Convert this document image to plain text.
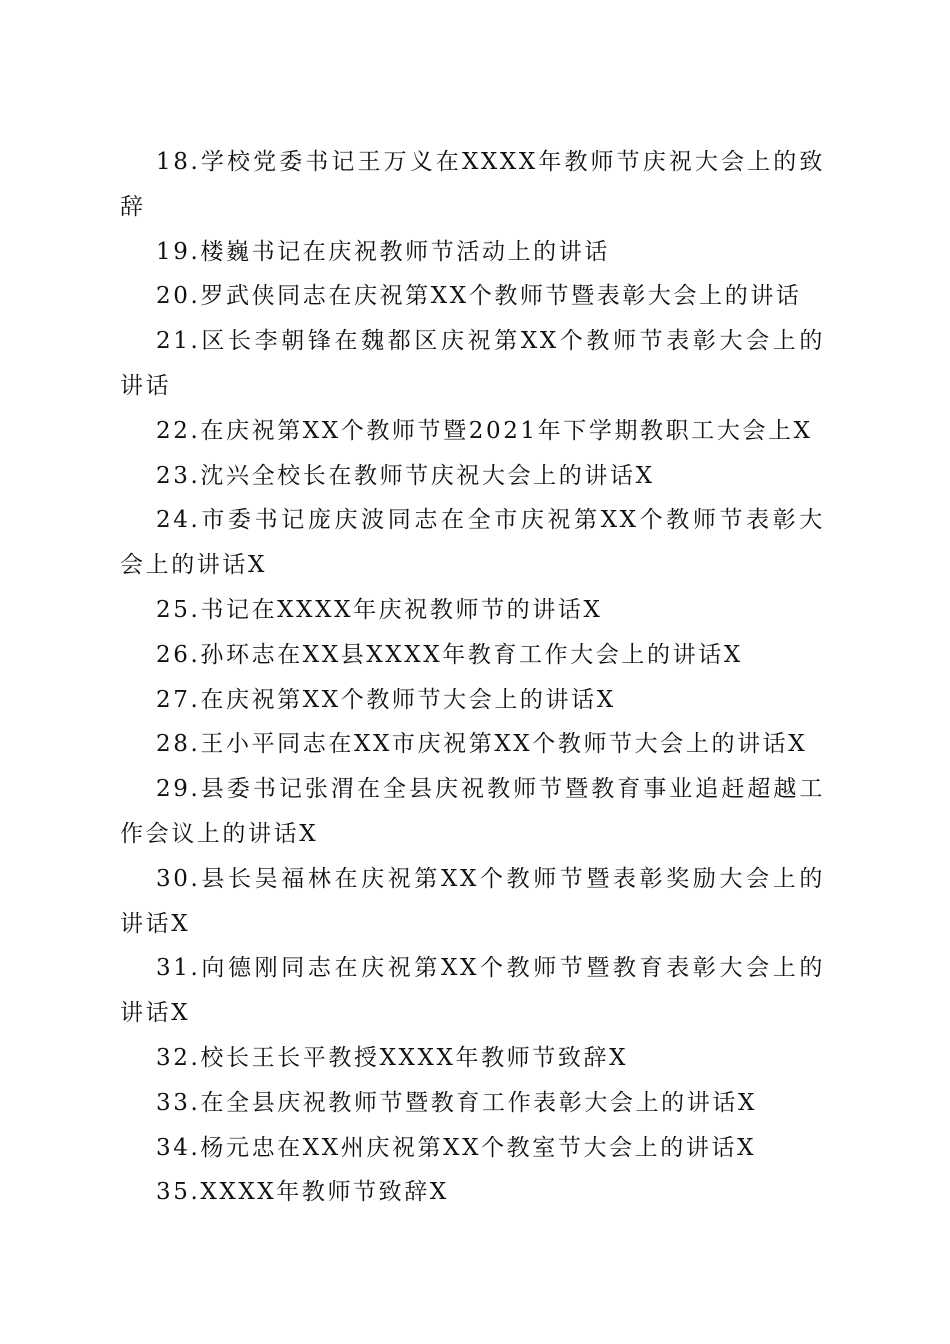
18.学校党委书记王万义在XXXX年教师节庆祝大会上的致辞
19.楼巍书记在庆祝教师节活动上的讲话
20.罗武侠同志在庆祝第XX个教师节暨表彰大会上的讲话
21.区长李朝锋在魏都区庆祝第XX个教师节表彰大会上的讲话
22.在庆祝第XX个教师节暨2021年下学期教职工大会上X
23.沈兴全校长在教师节庆祝大会上的讲话X
24.市委书记庞庆波同志在全市庆祝第XX个教师节表彰大会上的讲话X
25.书记在XXXX年庆祝教师节的讲话X
26.孙环志在XX县XXXX年教育工作大会上的讲话X
27.在庆祝第XX个教师节大会上的讲话X
28.王小平同志在XX市庆祝第XX个教师节大会上的讲话X
29.县委书记张渭在全县庆祝教师节暨教育事业追赶超越工作会议上的讲话X
30.县长吴福林在庆祝第XX个教师节暨表彰奖励大会上的讲话X
31.向德刚同志在庆祝第XX个教师节暨教育表彰大会上的讲话X
32.校长王长平教授XXXX年教师节致辞X
33.在全县庆祝教师节暨教育工作表彰大会上的讲话X
34.杨元忠在XX州庆祝第XX个教室节大会上的讲话X
35.XXXX年教师节致辞X
